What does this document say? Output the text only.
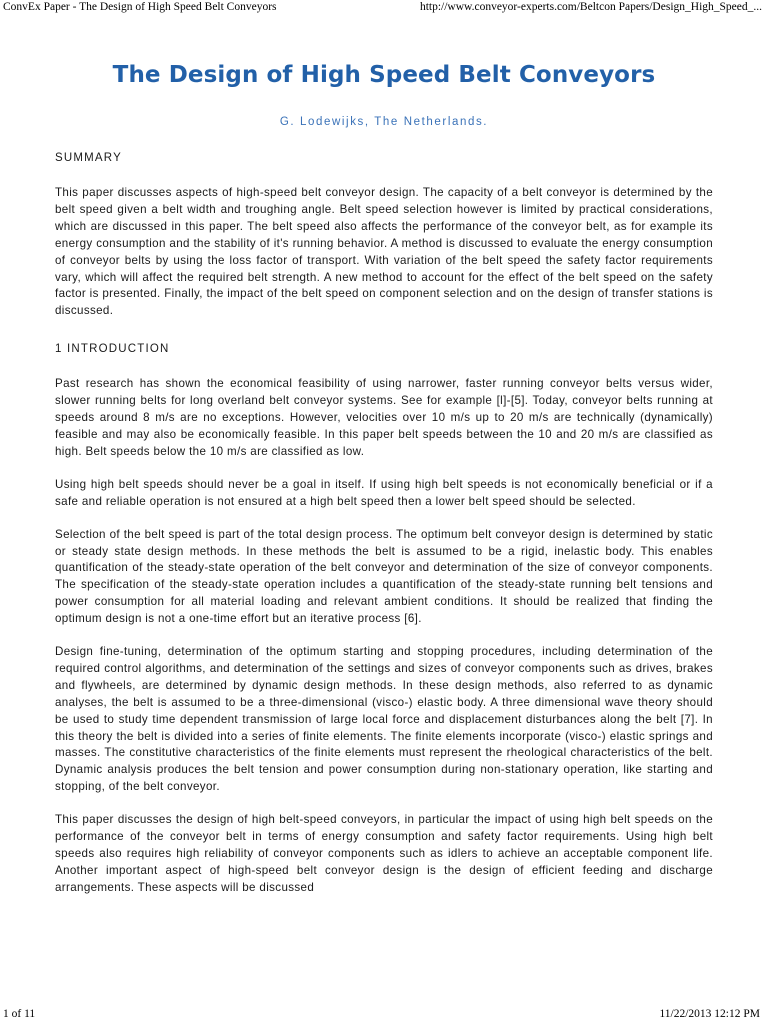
ConvEx Paper - The Design of High Speed Belt Conveyors	http://www.conveyor-experts.com/Beltcon Papers/Design_High_Speed_...
The Design of High Speed Belt Conveyors
G. Lodewijks, The Netherlands.
SUMMARY

This paper discusses aspects of high-speed belt conveyor design. The capacity of a belt conveyor is determined by the belt speed given a belt width and troughing angle. Belt speed selection however is limited by practical considerations, which are discussed in this paper. The belt speed also affects the performance of the conveyor belt, as for example its energy consumption and the stability of it's running behavior. A method is discussed to evaluate the energy consumption of conveyor belts by using the loss factor of transport. With variation of the belt speed the safety factor requirements vary, which will affect the required belt strength. A new method to account for the effect of the belt speed on the safety factor is presented. Finally, the impact of the belt speed on component selection and on the design of transfer stations is discussed.

1 INTRODUCTION

Past research has shown the economical feasibility of using narrower, faster running conveyor belts versus wider, slower running belts for long overland belt conveyor systems. See for example [l]-[5]. Today, conveyor belts running at speeds around 8 m/s are no exceptions. However, velocities over 10 m/s up to 20 m/s are technically (dynamically) feasible and may also be economically feasible. In this paper belt speeds between the 10 and 20 m/s are classified as high. Belt speeds below the 10 m/s are classified as low.

Using high belt speeds should never be a goal in itself. If using high belt speeds is not economically beneficial or if a safe and reliable operation is not ensured at a high belt speed then a lower belt speed should be selected.

Selection of the belt speed is part of the total design process. The optimum belt conveyor design is determined by static or steady state design methods. In these methods the belt is assumed to be a rigid, inelastic body. This enables quantification of the steady-state operation of the belt conveyor and determination of the size of conveyor components. The specification of the steady-state operation includes a quantification of the steady-state running belt tensions and power consumption for all material loading and relevant ambient conditions. It should be realized that finding the optimum design is not a one-time effort but an iterative process [6].

Design fine-tuning, determination of the optimum starting and stopping procedures, including determination of the required control algorithms, and determination of the settings and sizes of conveyor components such as drives, brakes and flywheels, are determined by dynamic design methods. In these design methods, also referred to as dynamic analyses, the belt is assumed to be a three-dimensional (visco-) elastic body. A three dimensional wave theory should be used to study time dependent transmission of large local force and displacement disturbances along the belt [7]. In this theory the belt is divided into a series of finite elements. The finite elements incorporate (visco-) elastic springs and masses. The constitutive characteristics of the finite elements must represent the rheological characteristics of the belt. Dynamic analysis produces the belt tension and power consumption during non-stationary operation, like starting and stopping, of the belt conveyor.

This paper discusses the design of high belt-speed conveyors, in particular the impact of using high belt speeds on the performance of the conveyor belt in terms of energy consumption and safety factor requirements. Using high belt speeds also requires high reliability of conveyor components such as idlers to achieve an acceptable component life. Another important aspect of high-speed belt conveyor design is the design of efficient feeding and discharge arrangements. These aspects will be discussed

1 of 11	11/22/2013 12:12 PM
